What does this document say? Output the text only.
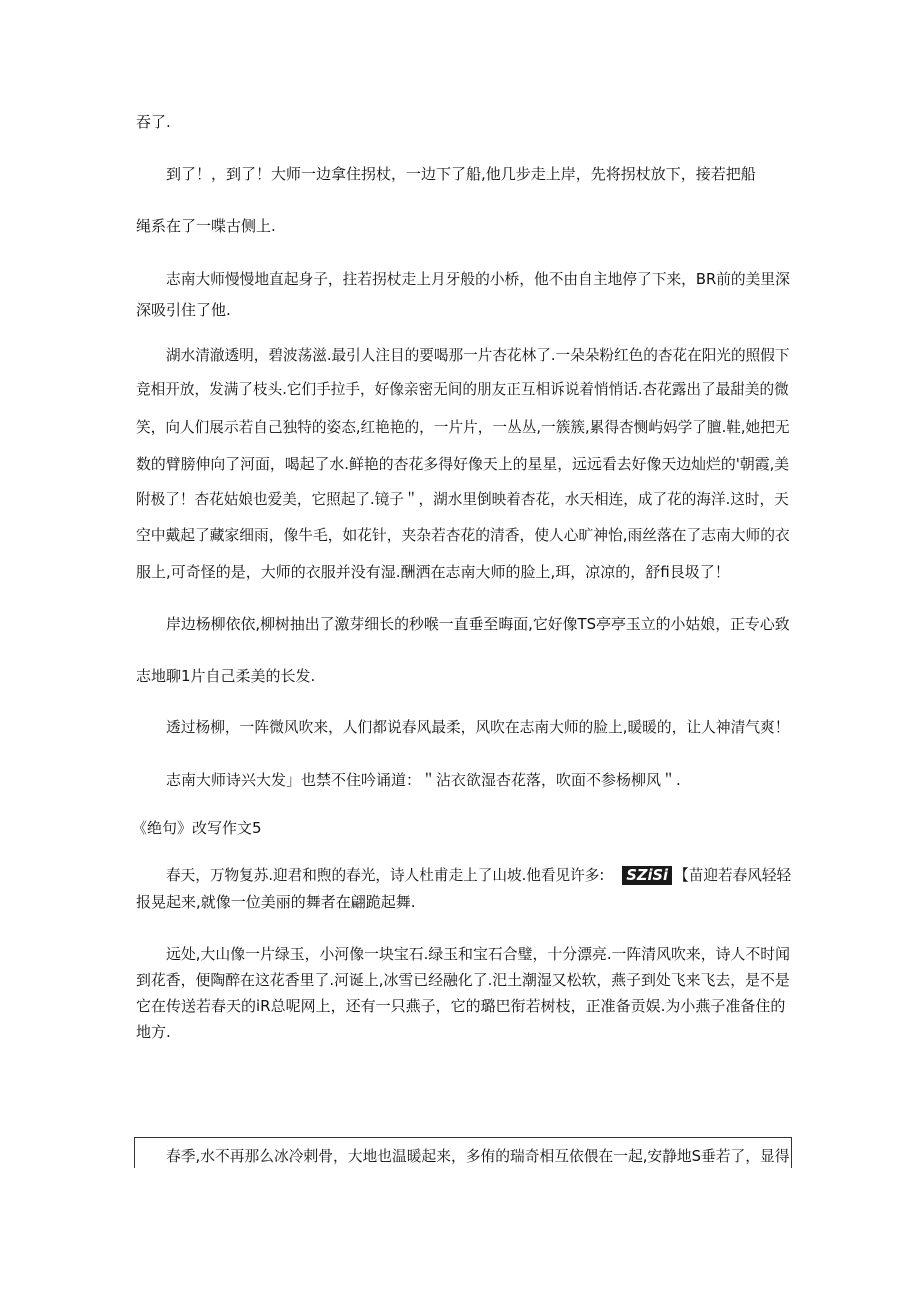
吞了.
到了！，到了！大师一边拿住拐杖，一边下了船,他几步走上岸，先将拐杖放下，接若把船
绳系在了一喋古侧上.
志南大师慢慢地直起身子，拄若拐杖走上月牙般的小桥，他不由自主地停了下来，BR前的美里深
深吸引住了他.
湖水清澈透明，碧波荡滋.最引人注目的要喝那一片杏花林了.一朵朵粉红色的杏花在阳光的照假下
竞相开放，发满了枝头.它们手拉手，好像亲密无间的朋友正互相诉说着悄悄话.杏花露出了最甜美的微
笑，向人们展示若自己独特的姿态,红艳艳的，一片片，一丛丛,一簇簇,累得杏恻屿妈学了膻.鞋,她把无
数的臂膀伸向了河面，喝起了水.鲜艳的杏花多得好像天上的星星，远远看去好像天边灿烂的'朝霞,美
附极了！杏花姑娘也爱美，它照起了.镜子＂，湖水里倒映着杏花，水天相连，成了花的海洋.这时，天
空中戴起了藏家细雨，像牛毛，如花针，夹杂若杏花的清香，使人心旷神怡,雨丝落在了志南大师的衣
服上,可奇怪的是，大师的衣服并没有湿.酬洒在志南大师的脸上,珥，凉凉的，舒fi艮圾了！
岸边杨柳依依,柳树抽出了激芽细长的秒喉一直垂至晦面,它好像TS亭亭玉立的小姑娘，正专心致
志地聊1片自己柔美的长发.
透过杨柳，一阵微风吹来，人们都说春风最柔，风吹在志南大师的脸上,暖暖的，让人神清气爽！
志南大师诗兴大发」也禁不住吟诵道：＂沾衣欲湿杏花落，吹面不参杨柳风＂.
《绝句》改写作文5
春天，万物复苏.迎君和煦的春光，诗人杜甫走上了山坡.他看见许多: SZiSi 【苗迎若春风轻轻
报晃起来,就像一位美丽的舞者在翩跪起舞.
远处,大山像一片绿玉，小河像一块宝石.绿玉和宝石合璧，十分漂亮.一阵清风吹来，诗人不时闻
到花香，便陶醉在这花香里了.河诞上,冰雪已经融化了.汜土潮湿又松软，燕子到处飞来飞去，是不是
它在传送若春天的iR总呢网上，还有一只燕子，它的璐巴衔若树枝，正准备贡娱.为小燕子准备住的
地方.
春季,水不再那么冰冷剌骨，大地也温暖起来，多侑的瑞奇相互依偎在一起,安静地S垂若了，显得
